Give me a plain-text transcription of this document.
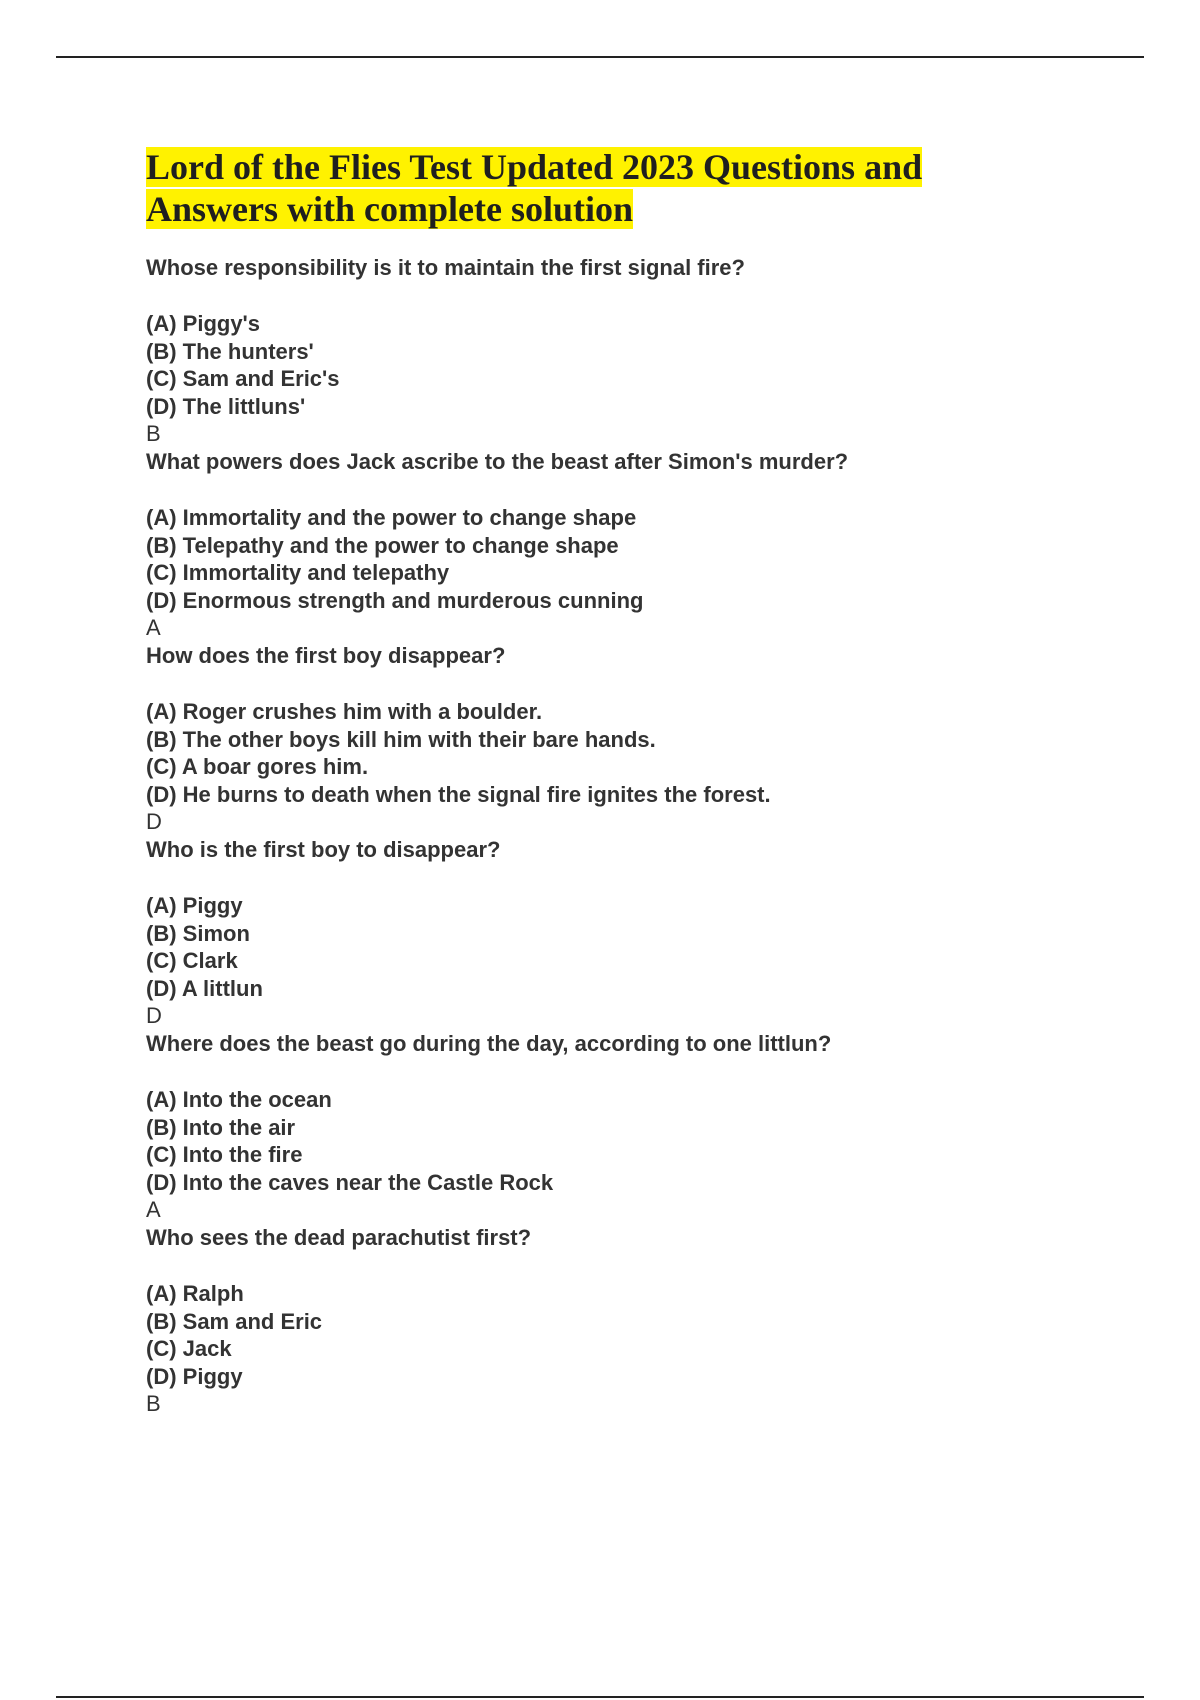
Lord of the Flies Test Updated 2023 Questions and
Answers with complete solution
Whose responsibility is it to maintain the first signal fire?
(A) Piggy's
(B) The hunters'
(C) Sam and Eric's
(D) The littluns'
B
What powers does Jack ascribe to the beast after Simon's murder?
(A) Immortality and the power to change shape
(B) Telepathy and the power to change shape
(C) Immortality and telepathy
(D) Enormous strength and murderous cunning
A
How does the first boy disappear?
(A) Roger crushes him with a boulder.
(B) The other boys kill him with their bare hands.
(C) A boar gores him.
(D) He burns to death when the signal fire ignites the forest.
D
Who is the first boy to disappear?
(A) Piggy
(B) Simon
(C) Clark
(D) A littlun
D
Where does the beast go during the day, according to one littlun?
(A) Into the ocean
(B) Into the air
(C) Into the fire
(D) Into the caves near the Castle Rock
A
Who sees the dead parachutist first?
(A) Ralph
(B) Sam and Eric
(C) Jack
(D) Piggy
B
